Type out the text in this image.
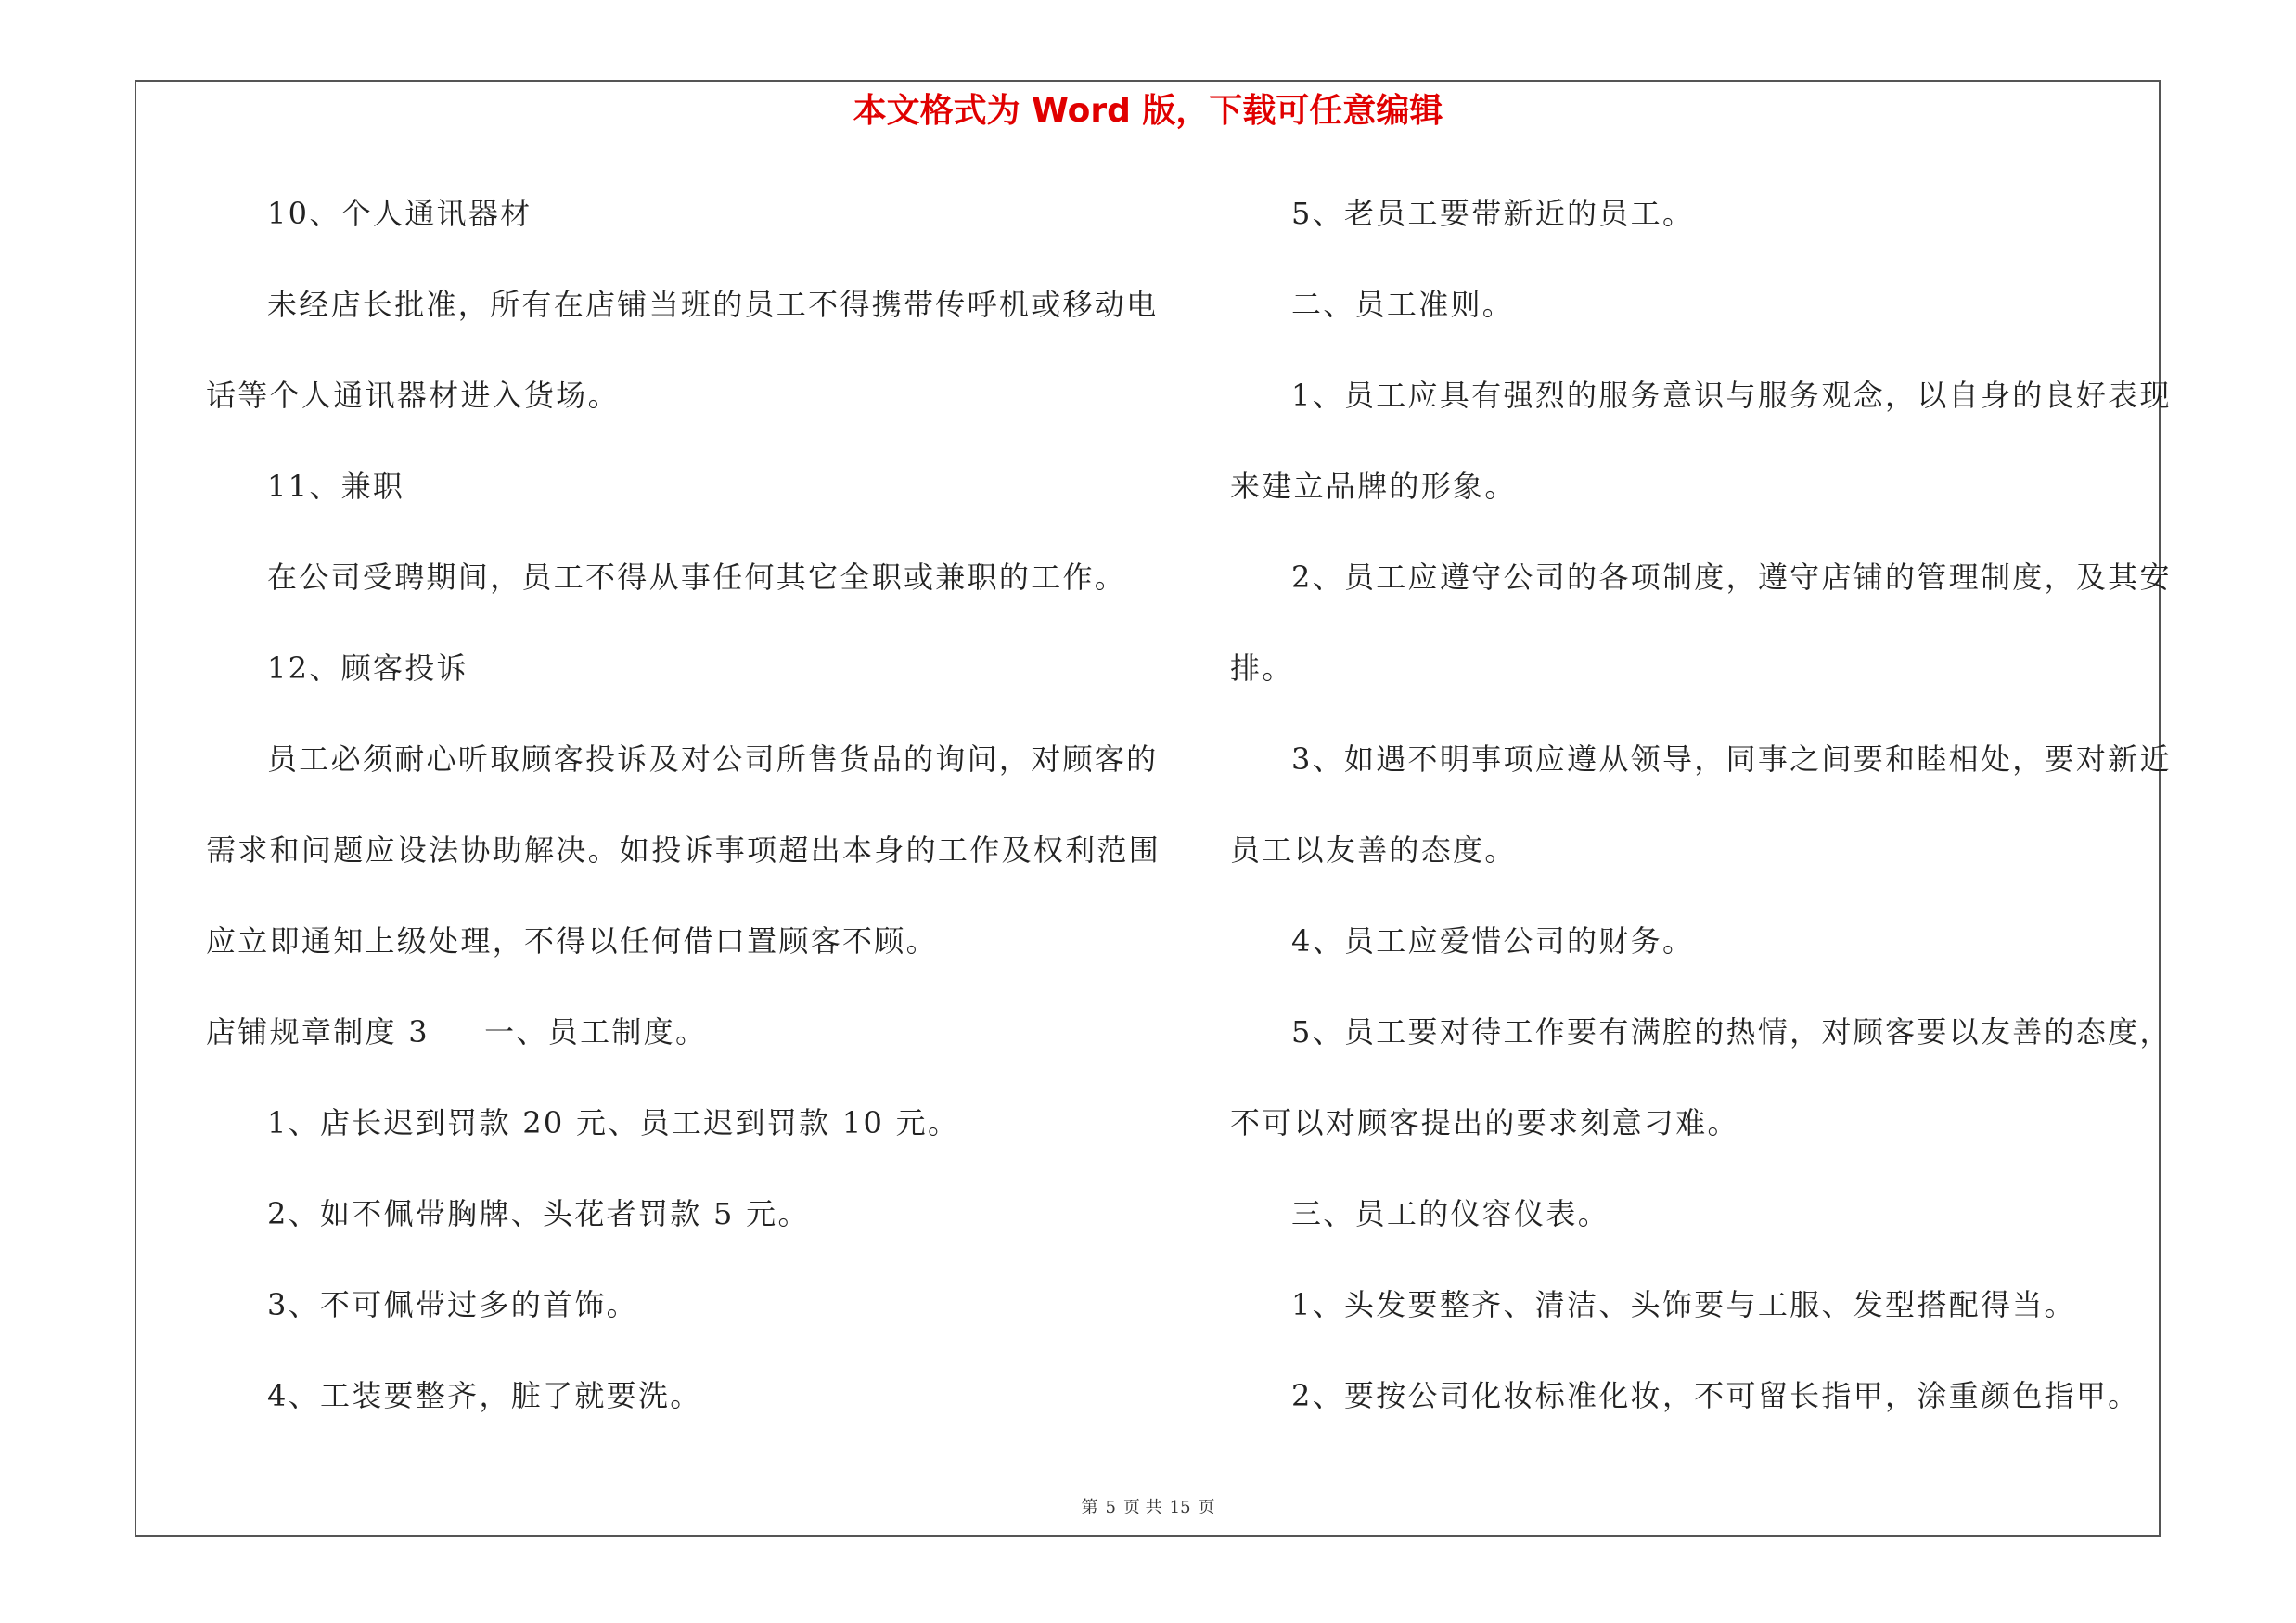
本文格式为 Word 版，下载可任意编辑
10、个人通讯器材
未经店长批准，所有在店铺当班的员工不得携带传呼机或移动电
话等个人通讯器材进入货场。
11、兼职
在公司受聘期间，员工不得从事任何其它全职或兼职的工作。
12、顾客投诉
员工必须耐心听取顾客投诉及对公司所售货品的询问，对顾客的
需求和问题应设法协助解决。如投诉事项超出本身的工作及权利范围
应立即通知上级处理，不得以任何借口置顾客不顾。
店铺规章制度 3 　 一、员工制度。
1、店长迟到罚款 20 元、员工迟到罚款 10 元。
2、如不佩带胸牌、头花者罚款 5 元。
3、不可佩带过多的首饰。
4、工装要整齐，脏了就要洗。
5、老员工要带新近的员工。
二、员工准则。
1、员工应具有强烈的服务意识与服务观念，以自身的良好表现
来建立品牌的形象。
2、员工应遵守公司的各项制度，遵守店铺的管理制度，及其安
排。
3、如遇不明事项应遵从领导，同事之间要和睦相处，要对新近
员工以友善的态度。
4、员工应爱惜公司的财务。
5、员工要对待工作要有满腔的热情，对顾客要以友善的态度，
不可以对顾客提出的要求刻意刁难。
三、员工的仪容仪表。
1、头发要整齐、清洁、头饰要与工服、发型搭配得当。
2、要按公司化妆标准化妆，不可留长指甲，涂重颜色指甲。
第 5 页 共 15 页
